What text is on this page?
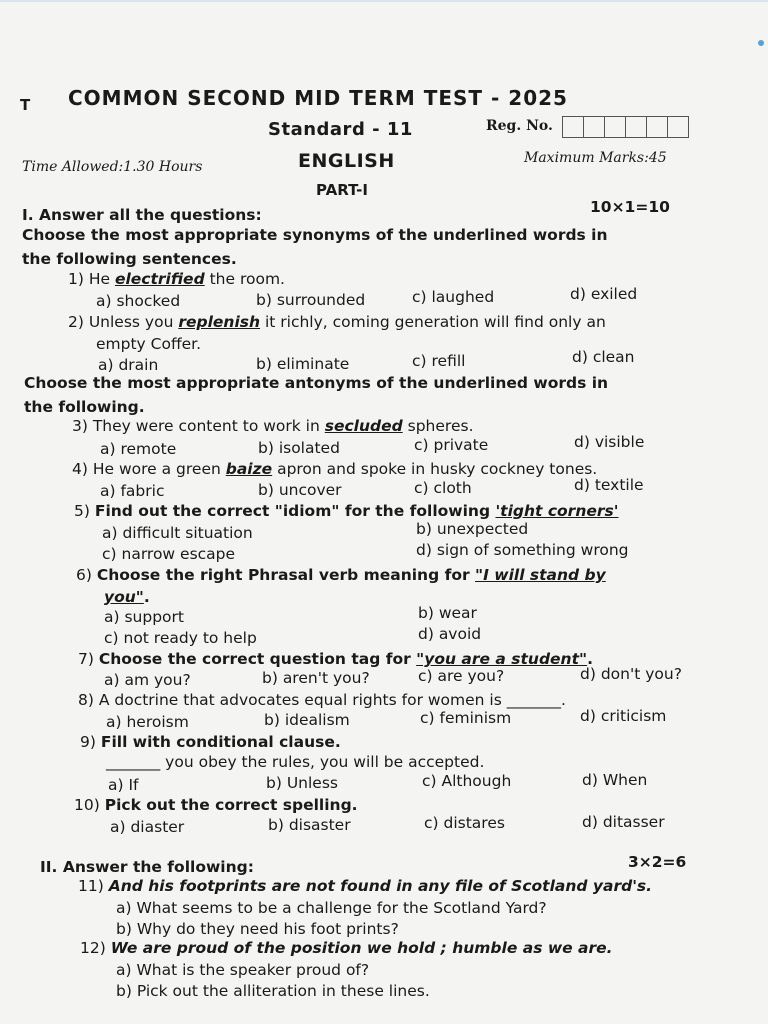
T COMMON SECOND MID TERM TEST - 2025
Standard - 11	Reg. No.
Time Allowed:1.30 Hours	ENGLISH	Maximum Marks:45
PART-I
I. Answer all the questions:	10×1=10
Choose the most appropriate synonyms of the underlined words in
the following sentences.
1) He electrified the room.
a) shocked	b) surrounded	c) laughed	d) exiled
2) Unless you replenish it richly, coming generation will find only an
empty Coffer.
a) drain	b) eliminate	c) refill	d) clean
Choose the most appropriate antonyms of the underlined words in
the following.
3) They were content to work in secluded spheres.
a) remote	b) isolated	c) private	d) visible
4) He wore a green baize apron and spoke in husky cockney tones.
a) fabric	b) uncover	c) cloth	d) textile
5) Find out the correct "idiom" for the following 'tight corners'
a) difficult situation	b) unexpected
c) narrow escape	d) sign of something wrong
6) Choose the right Phrasal verb meaning for "I will stand by
you".
a) support	b) wear
c) not ready to help	d) avoid
7) Choose the correct question tag for "you are a student".
a) am you?	b) aren't you?	c) are you?	d) don't you?
8) A doctrine that advocates equal rights for women is _______.
a) heroism	b) idealism	c) feminism	d) criticism
9) Fill with conditional clause.
_______ you obey the rules, you will be accepted.
a) If	b) Unless	c) Although	d) When
10) Pick out the correct spelling.
a) diaster	b) disaster	c) distares	d) ditasser
II. Answer the following:	3×2=6
11) And his footprints are not found in any file of Scotland yard's.
a) What seems to be a challenge for the Scotland Yard?
b) Why do they need his foot prints?
12) We are proud of the position we hold ; humble as we are.
a) What is the speaker proud of?
b) Pick out the alliteration in these lines.
